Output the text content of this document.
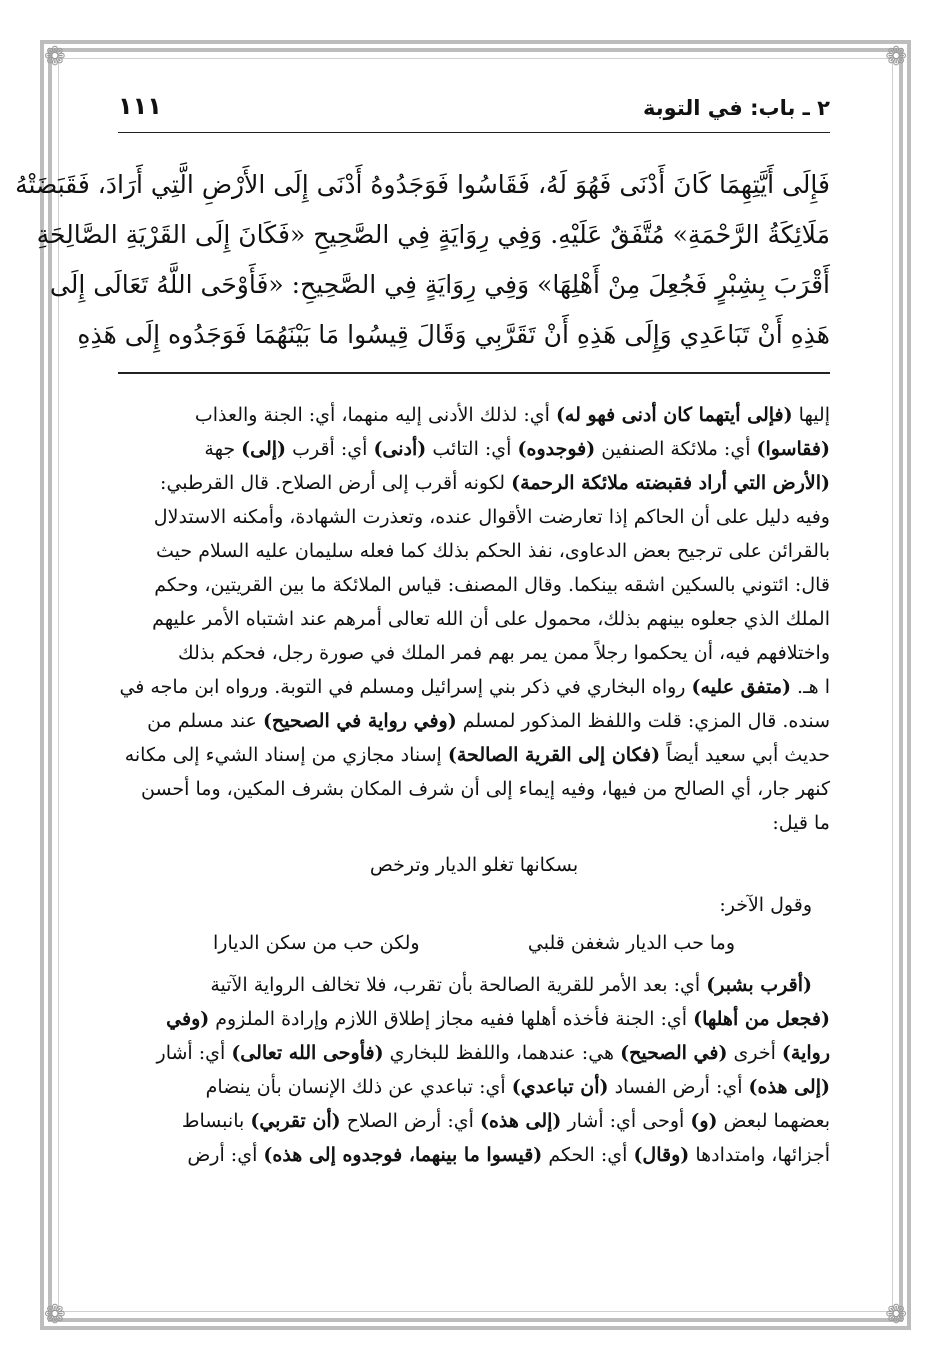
❁	❁
❁	❁
٢ ـ باب: في التوبة
١١١
فَإِلَى أَيَّتِهِمَا كَانَ أَدْنَى فَهُوَ لَهُ، فَقَاسُوا فَوَجَدُوهُ أَدْنَى إِلَى الأَرْضِ الَّتِي أَرَادَ، فَقَبَضَتْهُ
مَلَائِكَةُ الرَّحْمَةِ» مُتَّفَقٌ عَلَيْهِ. وَفِي رِوَايَةٍ فِي الصَّحِيحِ «فَكَانَ إِلَى القَرْيَةِ الصَّالِحَةِ
أَقْرَبَ بِشِبْرٍ فَجُعِلَ مِنْ أَهْلِهَا» وَفِي رِوَايَةٍ فِي الصَّحِيحِ: «فَأَوْحَى اللَّهُ تَعَالَى إِلَى
هَذِهِ أَنْ تَبَاعَدِي وَإِلَى هَذِهِ أَنْ تَقَرَّبِي وَقَالَ قِيسُوا مَا بَيْنَهُمَا فَوَجَدُوه إِلَى هَذِهِ
إليها (فإلى أيتهما كان أدنى فهو له) أي: لذلك الأدنى إليه منهما، أي: الجنة والعذاب
(فقاسوا) أي: ملائكة الصنفين (فوجدوه) أي: التائب (أدنى) أي: أقرب (إلى) جهة
(الأرض التي أراد فقبضته ملائكة الرحمة) لكونه أقرب إلى أرض الصلاح. قال القرطبي:
وفيه دليل على أن الحاكم إذا تعارضت الأقوال عنده، وتعذرت الشهادة، وأمكنه الاستدلال
بالقرائن على ترجيح بعض الدعاوى، نفذ الحكم بذلك كما فعله سليمان عليه السلام حيث
قال: ائتوني بالسكين اشقه بينكما. وقال المصنف: قياس الملائكة ما بين القريتين، وحكم
الملك الذي جعلوه بينهم بذلك، محمول على أن الله تعالى أمرهم عند اشتباه الأمر عليهم
واختلافهم فيه، أن يحكموا رجلاً ممن يمر بهم فمر الملك في صورة رجل، فحكم بذلك
ا هـ. (متفق عليه) رواه البخاري في ذكر بني إسرائيل ومسلم في التوبة. ورواه ابن ماجه في
سنده. قال المزي: قلت واللفظ المذكور لمسلم (وفي رواية في الصحيح) عند مسلم من
حديث أبي سعيد أيضاً (فكان إلى القرية الصالحة) إسناد مجازي من إسناد الشيء إلى مكانه
كنهر جار، أي الصالح من فيها، وفيه إيماء إلى أن شرف المكان بشرف المكين، وما أحسن
ما قيل:
بسكانها تغلو الديار وترخص
وقول الآخر:
وما حب الديار شغفن قلبي
ولكن حب من سكن الديارا
(أقرب بشبر) أي: بعد الأمر للقرية الصالحة بأن تقرب، فلا تخالف الرواية الآتية
(فجعل من أهلها) أي: الجنة فأخذه أهلها ففيه مجاز إطلاق اللازم وإرادة الملزوم (وفي
رواية) أخرى (في الصحيح) هي: عندهما، واللفظ للبخاري (فأوحى الله تعالى) أي: أشار
(إلى هذه) أي: أرض الفساد (أن تباعدي) أي: تباعدي عن ذلك الإنسان بأن ينضام
بعضهما لبعض (و) أوحى أي: أشار (إلى هذه) أي: أرض الصلاح (أن تقربي) بانبساط
أجزائها، وامتدادها (وقال) أي: الحكم (قيسوا ما بينهما، فوجدوه إلى هذه) أي: أرض
